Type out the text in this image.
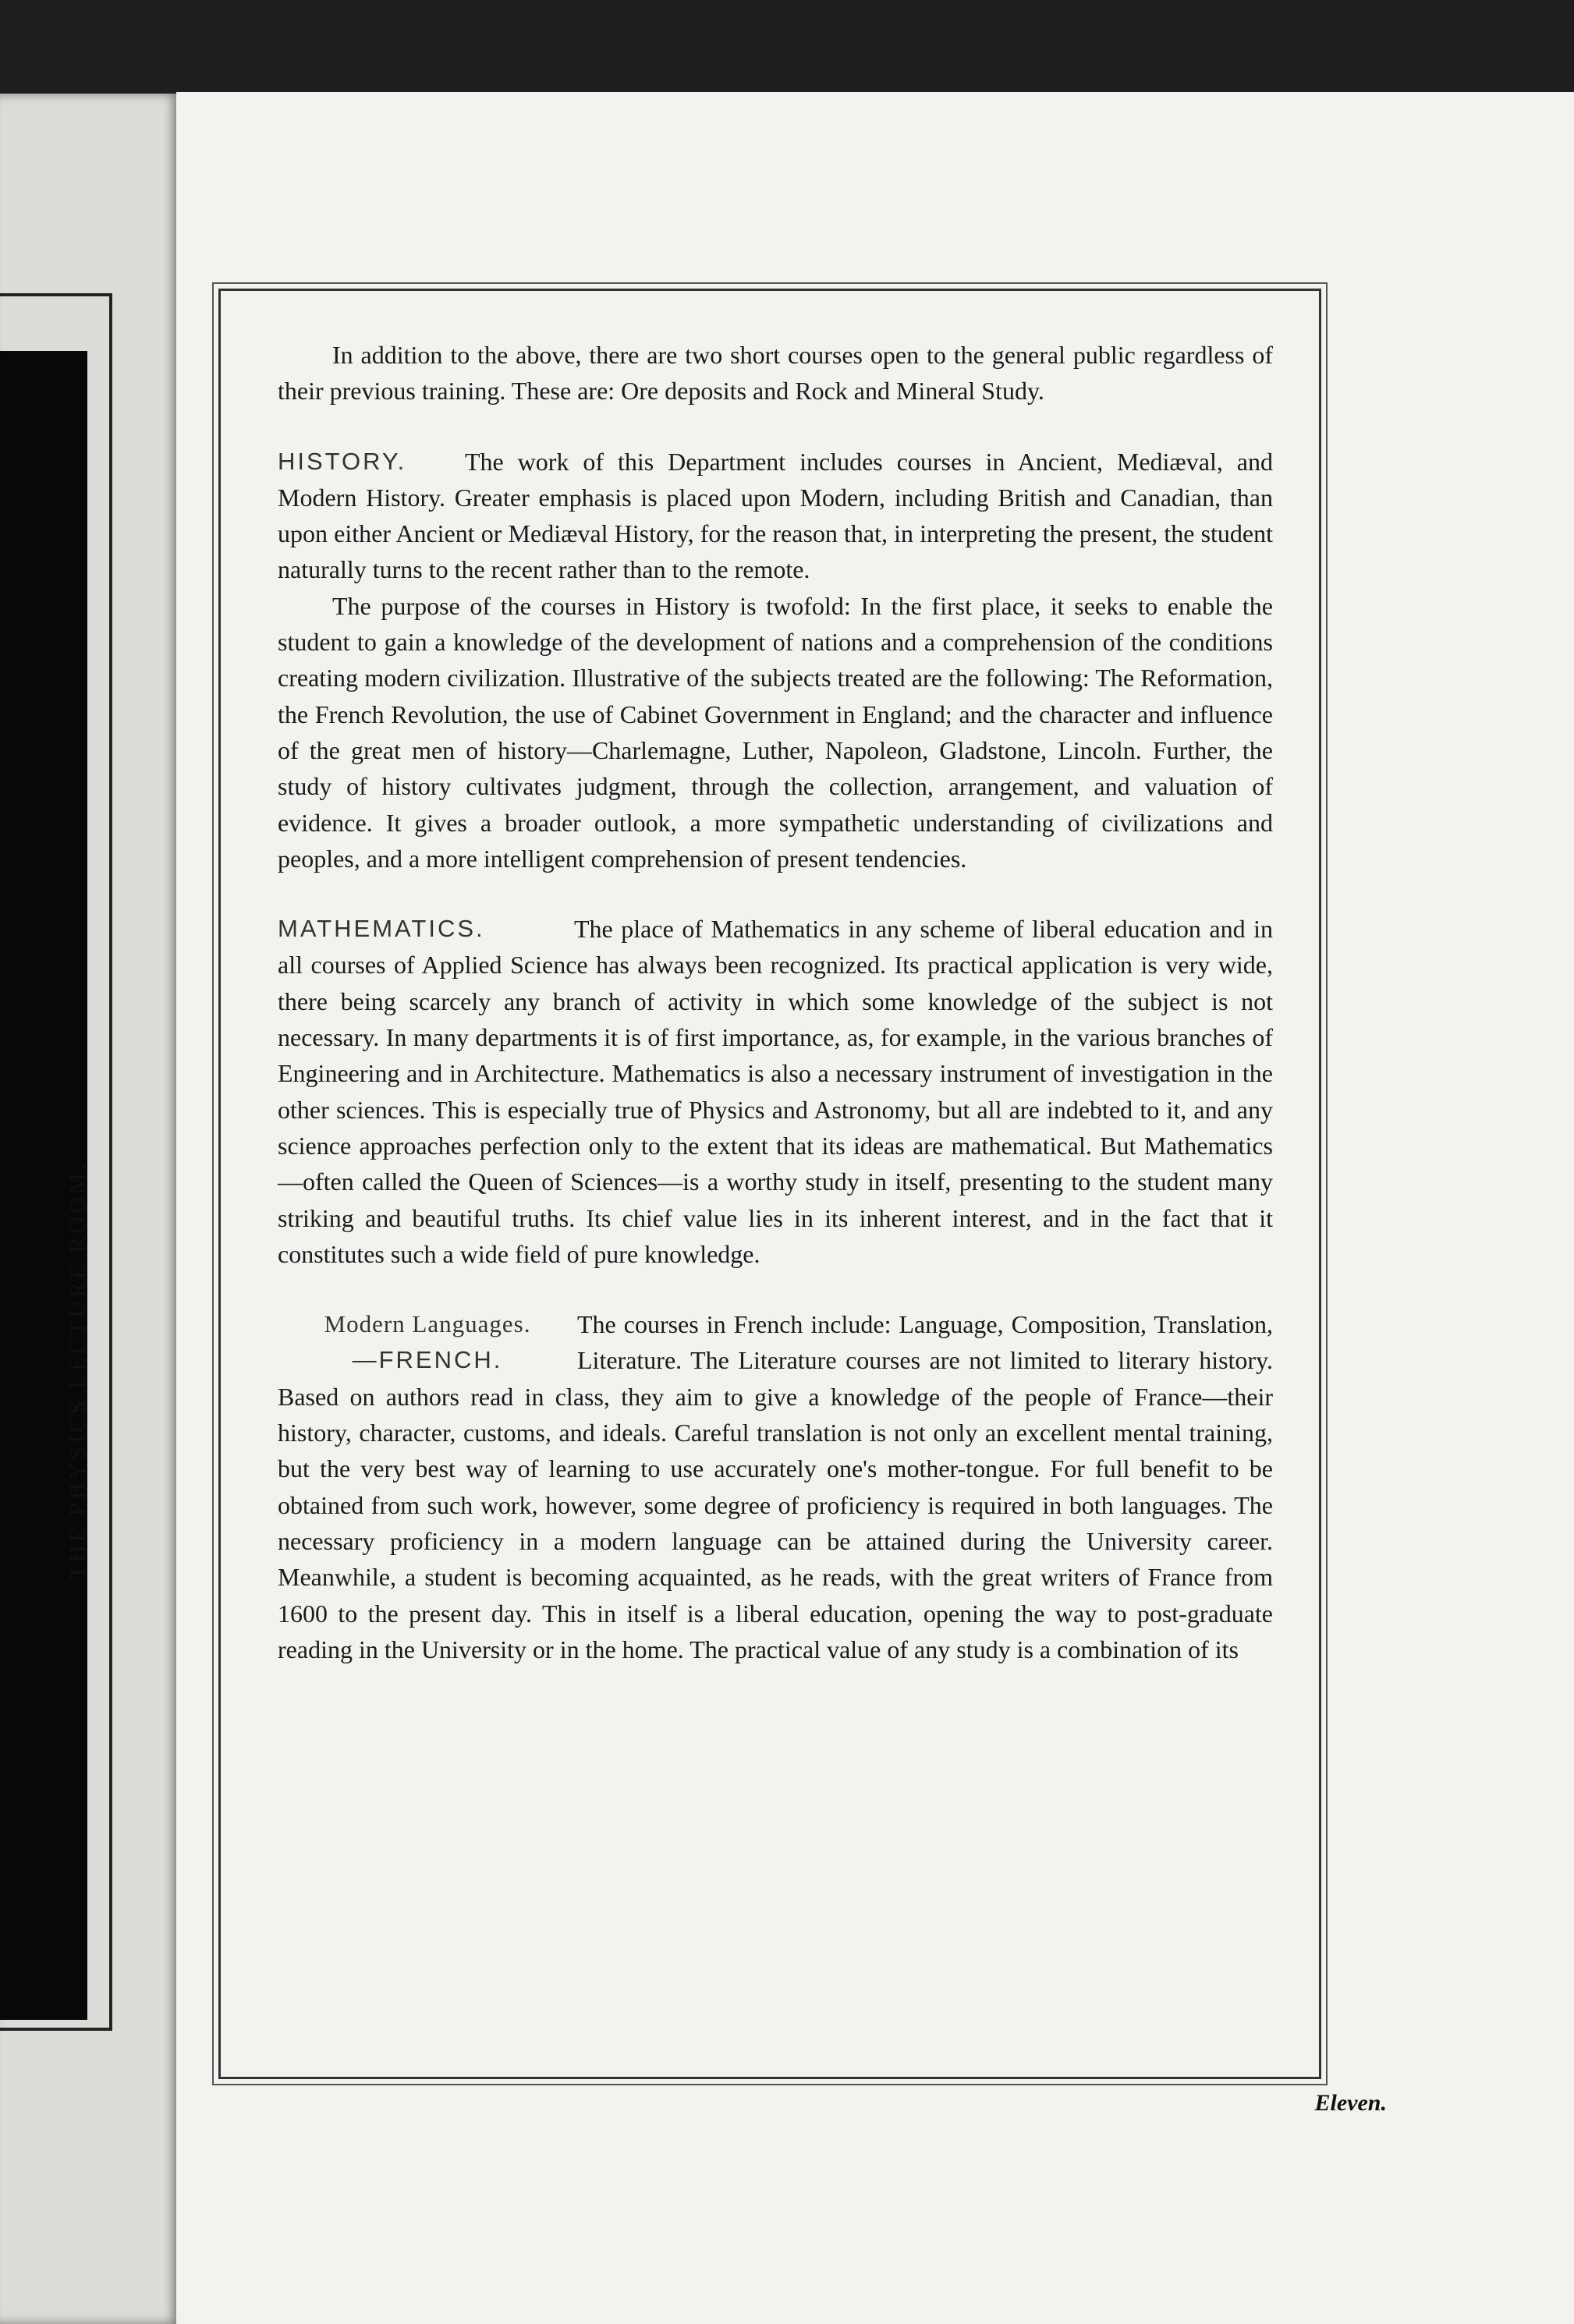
THE PHYSICS LECTURE ROOM.

In addition to the above, there are two short courses open to the general public regardless of their previous training. These are: Ore deposits and Rock and Mineral Study.

HISTORY.	The work of this Department includes courses in Ancient, Mediæval, and Modern History. Greater emphasis is placed upon Modern, including British and Canadian, than upon either Ancient or Mediæval History, for the reason that, in interpreting the present, the student naturally turns to the recent rather than to the remote.

The purpose of the courses in History is twofold: In the first place, it seeks to enable the student to gain a knowledge of the development of nations and a comprehension of the conditions creating modern civilization. Illustrative of the subjects treated are the following: The Reformation, the French Revolution, the use of Cabinet Government in England; and the character and influence of the great men of history—Charlemagne, Luther, Napoleon, Gladstone, Lincoln. Further, the study of history cultivates judgment, through the collection, arrangement, and valuation of evidence. It gives a broader outlook, a more sympathetic understanding of civilizations and peoples, and a more intelligent comprehension of present tendencies.

MATHEMATICS.	The place of Mathematics in any scheme of liberal education and in all courses of Applied Science has always been recognized. Its practical application is very wide, there being scarcely any branch of activity in which some knowledge of the subject is not necessary. In many departments it is of first importance, as, for example, in the various branches of Engineering and in Architecture. Mathematics is also a necessary instrument of investigation in the other sciences. This is especially true of Physics and Astronomy, but all are indebted to it, and any science approaches perfection only to the extent that its ideas are mathematical. But Mathematics—often called the Queen of Sciences—is a worthy study in itself, presenting to the student many striking and beautiful truths. Its chief value lies in its inherent interest, and in the fact that it constitutes such a wide field of pure knowledge.

Modern Languages.
—FRENCH.

The courses in French include: Language, Composition, Translation, Literature. The Literature courses are not limited to literary history. Based on authors read in class, they aim to give a knowledge of the people of France—their history, character, customs, and ideals. Careful translation is not only an excellent mental training, but the very best way of learning to use accurately one's mother-tongue. For full benefit to be obtained from such work, however, some degree of proficiency is required in both languages. The necessary proficiency in a modern language can be attained during the University career. Meanwhile, a student is becoming acquainted, as he reads, with the great writers of France from 1600 to the present day. This in itself is a liberal education, opening the way to post-graduate reading in the University or in the home. The practical value of any study is a combination of its

Eleven.
